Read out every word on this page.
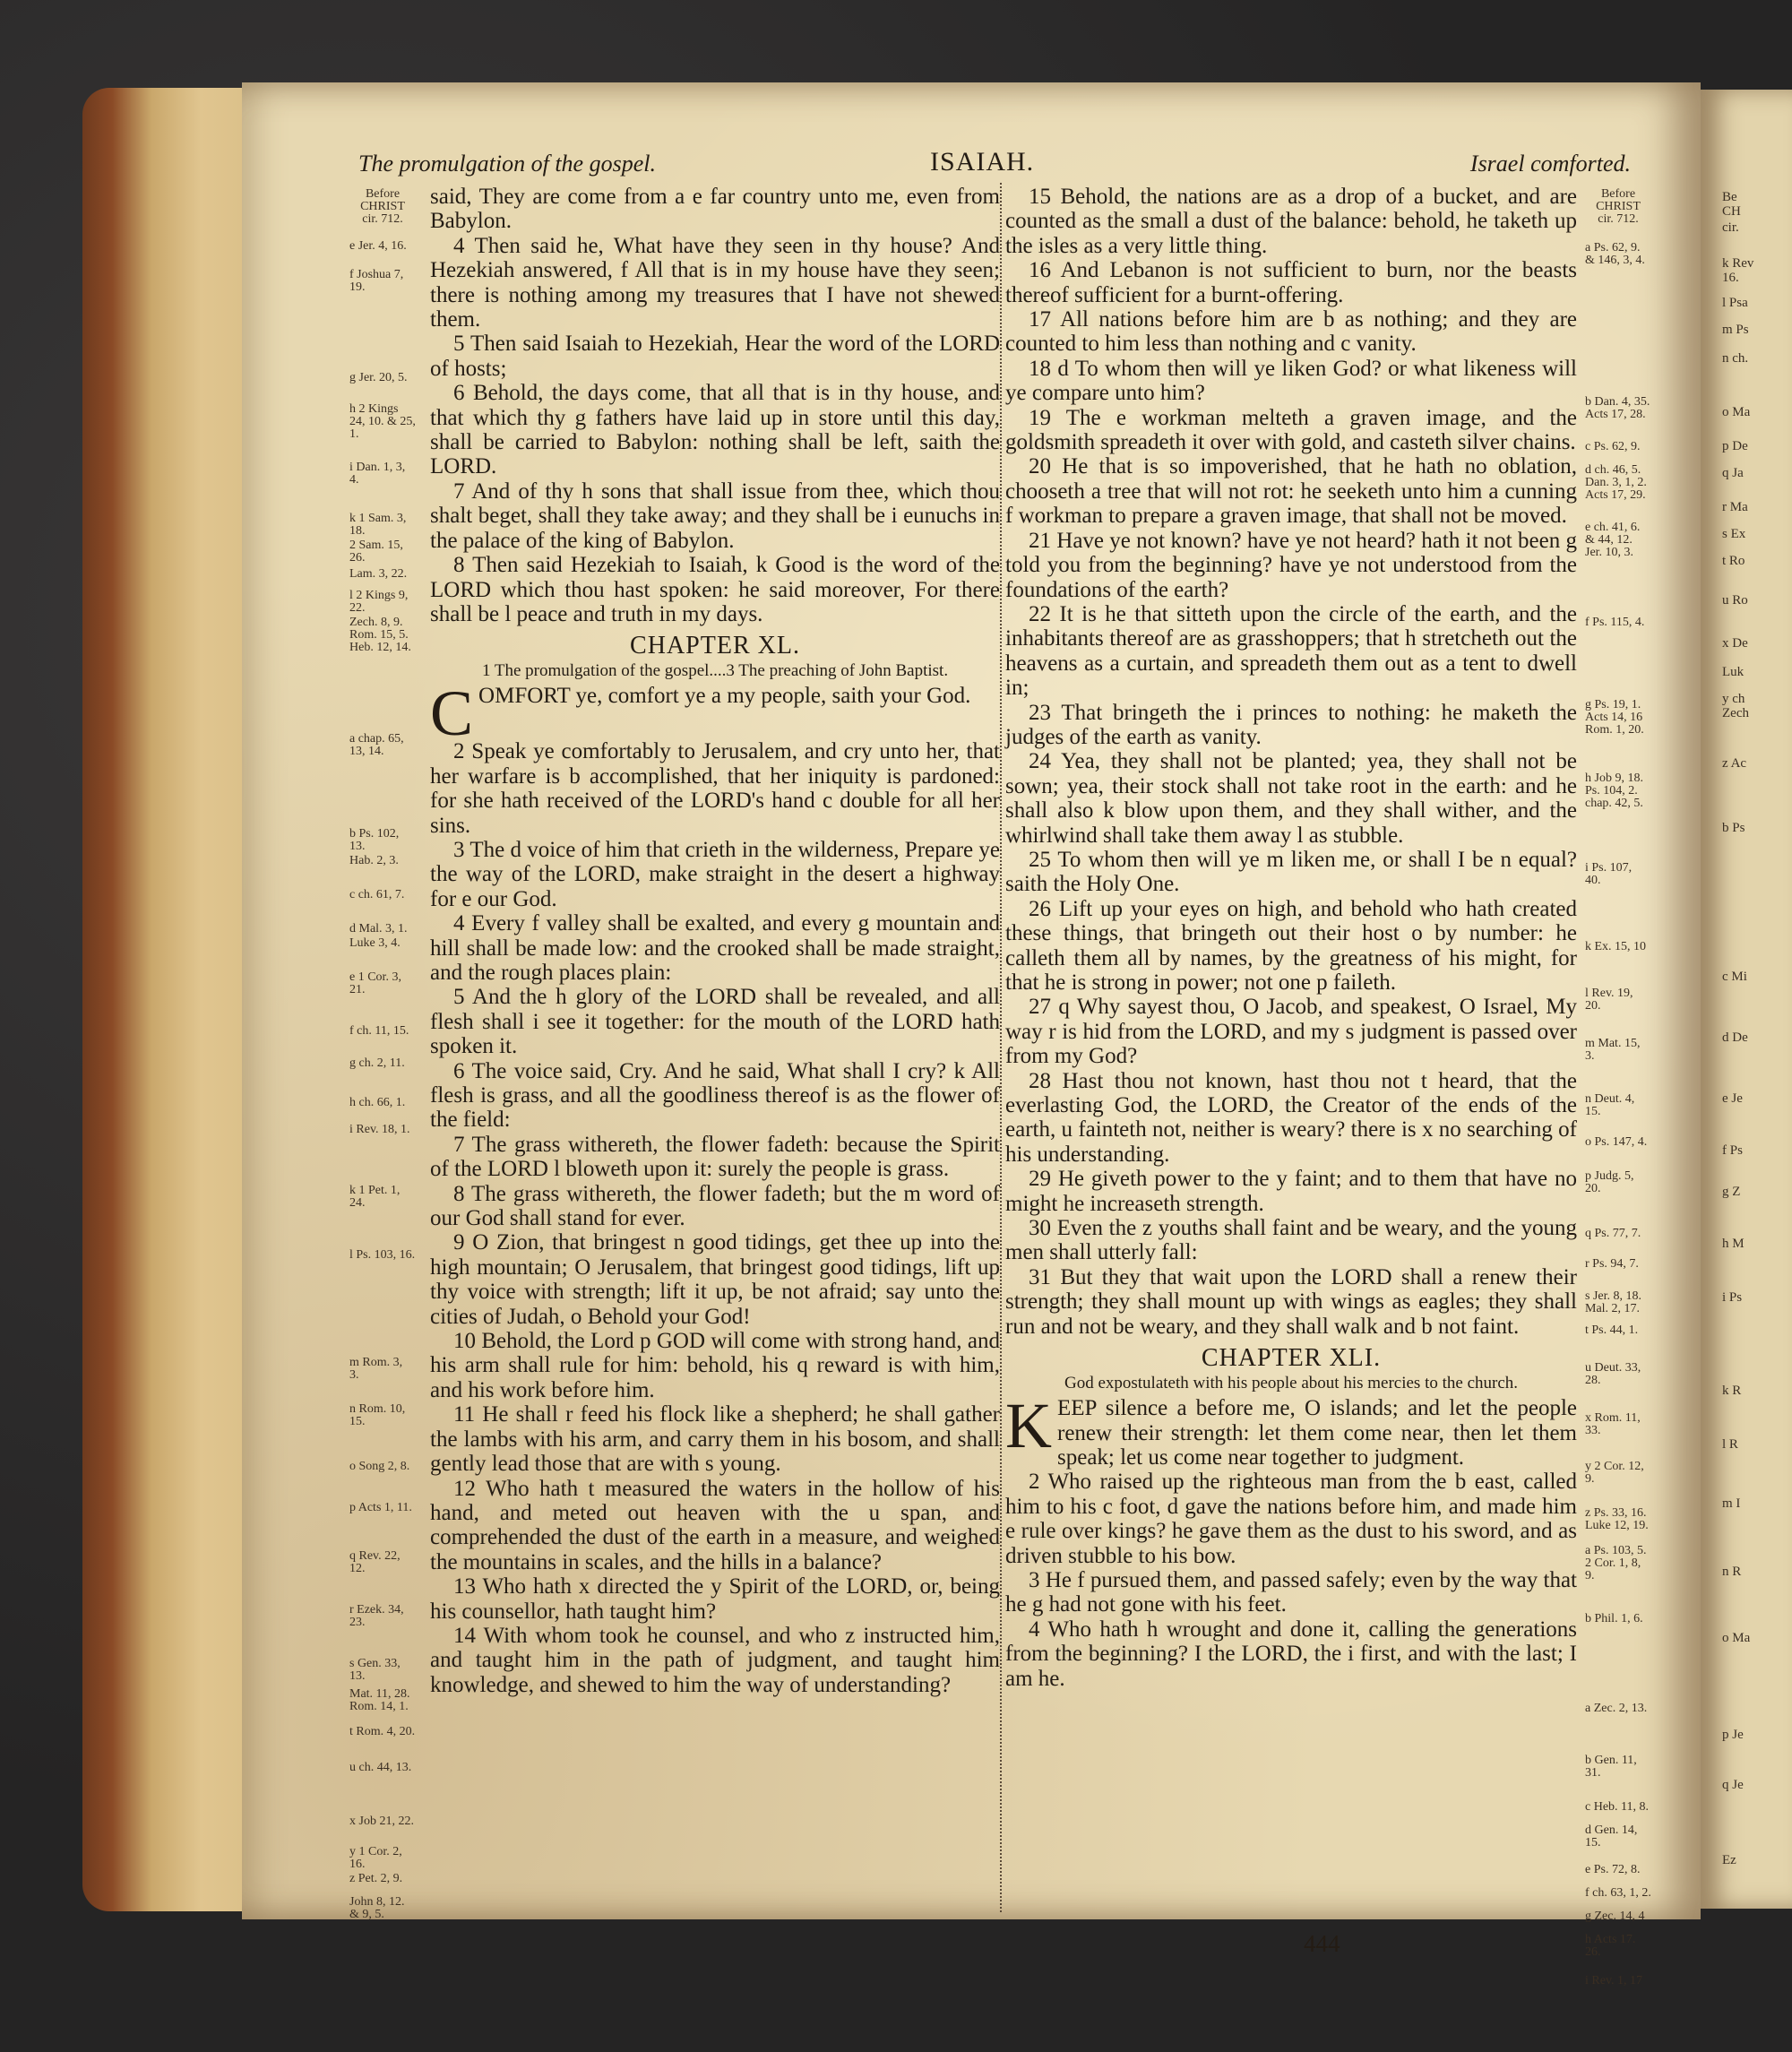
The promulgation of the gospel.	ISAIAH.	Israel comforted.
Before
CHRIST
cir. 712.
e Jer. 4, 16.
f Joshua 7,
19.
g Jer. 20, 5.
h 2 Kings
24, 10. & 25,
1.
i Dan. 1, 3,
4.
k 1 Sam. 3,
18.
2 Sam. 15,
26.
Lam. 3, 22.
l 2 Kings 9,
22.
Zech. 8, 9.
Rom. 15, 5.
Heb. 12, 14.
a chap. 65,
13, 14.
b Ps. 102,
13.
Hab. 2, 3.
c ch. 61, 7.
d Mal. 3, 1.
Luke 3, 4.
e 1 Cor. 3,
21.
f ch. 11, 15.
g ch. 2, 11.
h ch. 66, 1.
i Rev. 18, 1.
k 1 Pet. 1,
24.
l Ps. 103, 16.
m Rom. 3,
3.
n Rom. 10,
15.
o Song 2, 8.
p Acts 1, 11.
q Rev. 22,
12.
r Ezek. 34,
23.
s Gen. 33,
13.
Mat. 11, 28.
Rom. 14, 1.
t Rom. 4, 20.
u ch. 44, 13.
x Job 21, 22.
y 1 Cor. 2,
16.
z Pet. 2, 9.
John 8, 12.
& 9, 5.

said, They are come from a e far country unto me, even from Babylon.

4 Then said he, What have they seen in thy house? And Hezekiah answered, f All that is in my house have they seen; there is nothing among my treasures that I have not shewed them.

5 Then said Isaiah to Hezekiah, Hear the word of the LORD of hosts;

6 Behold, the days come, that all that is in thy house, and that which thy g fathers have laid up in store until this day, shall be carried to Babylon: nothing shall be left, saith the LORD.

7 And of thy h sons that shall issue from thee, which thou shalt beget, shall they take away; and they shall be i eunuchs in the palace of the king of Babylon.

8 Then said Hezekiah to Isaiah, k Good is the word of the LORD which thou hast spoken: he said moreover, For there shall be l peace and truth in my days.

CHAPTER XL.
1 The promulgation of the gospel....3 The preaching of John Baptist.
C OMFORT ye, comfort ye a my people, saith your God.

2 Speak ye comfortably to Jerusalem, and cry unto her, that her warfare is b accomplished, that her iniquity is pardoned: for she hath received of the LORD's hand c double for all her sins.

3 The d voice of him that crieth in the wilderness, Prepare ye the way of the LORD, make straight in the desert a highway for e our God.

4 Every f valley shall be exalted, and every g mountain and hill shall be made low: and the crooked shall be made straight, and the rough places plain:

5 And the h glory of the LORD shall be revealed, and all flesh shall i see it together: for the mouth of the LORD hath spoken it.

6 The voice said, Cry. And he said, What shall I cry? k All flesh is grass, and all the goodliness thereof is as the flower of the field:

7 The grass withereth, the flower fadeth: because the Spirit of the LORD l bloweth upon it: surely the people is grass.

8 The grass withereth, the flower fadeth; but the m word of our God shall stand for ever.

9 O Zion, that bringest n good tidings, get thee up into the high mountain; O Jerusalem, that bringest good tidings, lift up thy voice with strength; lift it up, be not afraid; say unto the cities of Judah, o Behold your God!

10 Behold, the Lord p GOD will come with strong hand, and his arm shall rule for him: behold, his q reward is with him, and his work before him.

11 He shall r feed his flock like a shepherd; he shall gather the lambs with his arm, and carry them in his bosom, and shall gently lead those that are with s young.

12 Who hath t measured the waters in the hollow of his hand, and meted out heaven with the u span, and comprehended the dust of the earth in a measure, and weighed the mountains in scales, and the hills in a balance?

13 Who hath x directed the y Spirit of the LORD, or, being his counsellor, hath taught him?

14 With whom took he counsel, and who z instructed him, and taught him in the path of judgment, and taught him knowledge, and shewed to him the way of understanding?

15 Behold, the nations are as a drop of a bucket, and are counted as the small a dust of the balance: behold, he taketh up the isles as a very little thing.

16 And Lebanon is not sufficient to burn, nor the beasts thereof sufficient for a burnt-offering.

17 All nations before him are b as nothing; and they are counted to him less than nothing and c vanity.

18 d To whom then will ye liken God? or what likeness will ye compare unto him?

19 The e workman melteth a graven image, and the goldsmith spreadeth it over with gold, and casteth silver chains.

20 He that is so impoverished, that he hath no oblation, chooseth a tree that will not rot: he seeketh unto him a cunning f workman to prepare a graven image, that shall not be moved.

21 Have ye not known? have ye not heard? hath it not been g told you from the beginning? have ye not understood from the foundations of the earth?

22 It is he that sitteth upon the circle of the earth, and the inhabitants thereof are as grasshoppers; that h stretcheth out the heavens as a curtain, and spreadeth them out as a tent to dwell in;

23 That bringeth the i princes to nothing: he maketh the judges of the earth as vanity.

24 Yea, they shall not be planted; yea, they shall not be sown; yea, their stock shall not take root in the earth: and he shall also k blow upon them, and they shall wither, and the whirlwind shall take them away l as stubble.

25 To whom then will ye m liken me, or shall I be n equal? saith the Holy One.

26 Lift up your eyes on high, and behold who hath created these things, that bringeth out their host o by number: he calleth them all by names, by the greatness of his might, for that he is strong in power; not one p faileth.

27 q Why sayest thou, O Jacob, and speakest, O Israel, My way r is hid from the LORD, and my s judgment is passed over from my God?

28 Hast thou not known, hast thou not t heard, that the everlasting God, the LORD, the Creator of the ends of the earth, u fainteth not, neither is weary? there is x no searching of his understanding.

29 He giveth power to the y faint; and to them that have no might he increaseth strength.

30 Even the z youths shall faint and be weary, and the young men shall utterly fall:

31 But they that wait upon the LORD shall a renew their strength; they shall mount up with wings as eagles; they shall run and not be weary, and they shall walk and b not faint.

CHAPTER XLI.
God expostulateth with his people about his mercies to the church.
K EEP silence a before me, O islands; and let the people renew their strength: let them come near, then let them speak; let us come near together to judgment.

2 Who raised up the righteous man from the b east, called him to his c foot, d gave the nations before him, and made him e rule over kings? he gave them as the dust to his sword, and as driven stubble to his bow.

3 He f pursued them, and passed safely; even by the way that he g had not gone with his feet.

4 Who hath h wrought and done it, calling the generations from the beginning? I the LORD, the i first, and with the last; I am he.

Before
CHRIST
cir. 712.
a Ps. 62, 9.
& 146, 3, 4.
b Dan. 4, 35.
Acts 17, 28.
c Ps. 62, 9.
d ch. 46, 5.
Dan. 3, 1, 2.
Acts 17, 29.
e ch. 41, 6.
& 44, 12.
Jer. 10, 3.
f Ps. 115, 4.
g Ps. 19, 1.
Acts 14, 16
Rom. 1, 20.
h Job 9, 18.
Ps. 104, 2.
chap. 42, 5.
i Ps. 107,
40.
k Ex. 15, 10
l Rev. 19,
20.
m Mat. 15,
3.
n Deut. 4,
15.
o Ps. 147, 4.
p Judg. 5,
20.
q Ps. 77, 7.
r Ps. 94, 7.
s Jer. 8, 18.
Mal. 2, 17.
t Ps. 44, 1.
u Deut. 33,
28.
x Rom. 11,
33.
y 2 Cor. 12,
9.
z Ps. 33, 16.
Luke 12, 19.
a Ps. 103, 5.
2 Cor. 1, 8,
9.
b Phil. 1, 6.
a Zec. 2, 13.
b Gen. 11,
31.
c Heb. 11, 8.
d Gen. 14,
15.
e Ps. 72, 8.
f ch. 63, 1, 2.
g Zec. 14, 4
h Acts 17.
26.
i Rev. 1, 17
444
Be
CH
cir.
k Rev
16.
l Psa
m Ps
n ch.
o Ma
p De
q Ja
r Ma
s Ex
t Ro
u Ro
x De
Luk
y ch
Zech
z Ac
b Ps
c Mi
d De
e Je
f Ps
g Z
h M
i Ps
k R
l R
m I
n R
o Ma
p Je
q Je
Ez
